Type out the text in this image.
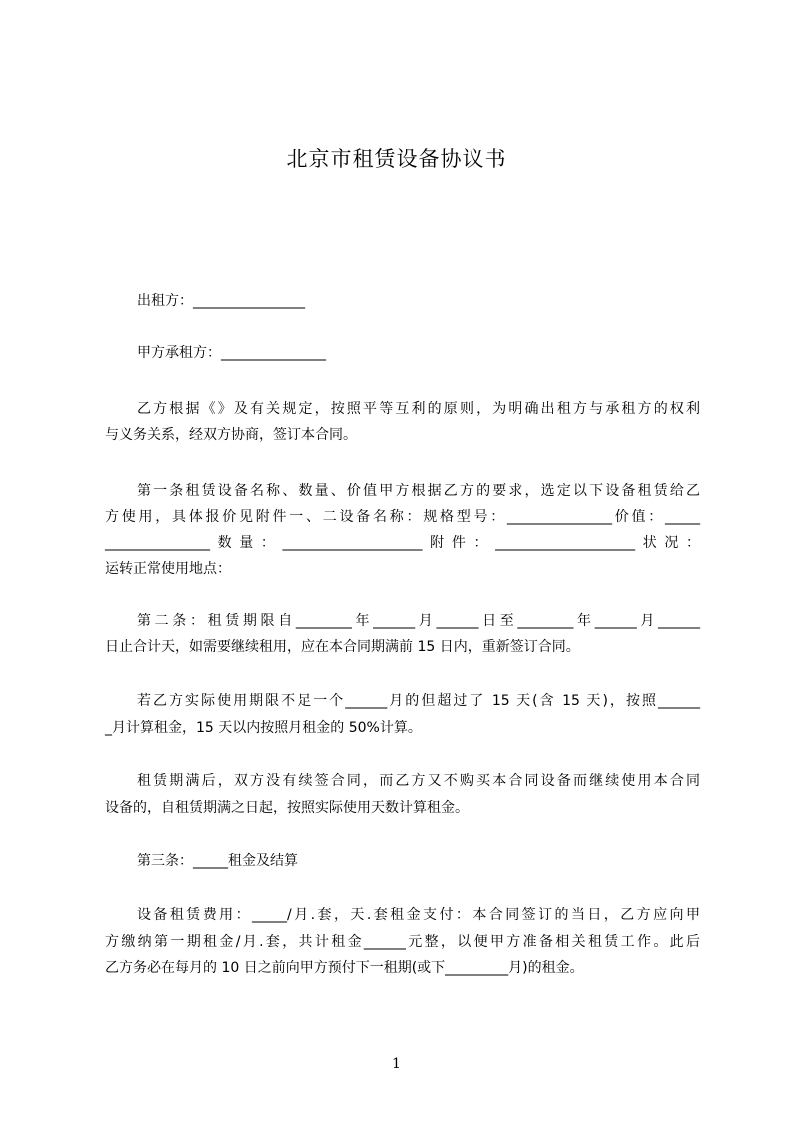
北京市租赁设备协议书
出租方：________________
甲方承租方：_______________
乙方根据《》及有关规定，按照平等互利的原则，为明确出租方与承租方的权利
与义务关系，经双方协商，签订本合同。
第一条租赁设备名称、数量、价值甲方根据乙方的要求，选定以下设备租赁给乙
方使用，具体报价见附件一、二设备名称：规格型号：_______________价值：_____
_______________数量：____________________附件：____________________状况：
运转正常使用地点：
第二条：租赁期限自________年______月______日至________年______月______
日止合计天，如需要继续租用，应在本合同期满前 15 日内，重新签订合同。
若乙方实际使用期限不足一个______月的但超过了 15 天(含 15 天)，按照______
_月计算租金，15 天以内按照月租金的 50%计算。
租赁期满后，双方没有续签合同，而乙方又不购买本合同设备而继续使用本合同
设备的，自租赁期满之日起，按照实际使用天数计算租金。
第三条：_____租金及结算
设备租赁费用：_____/月.套，天.套租金支付：本合同签订的当日，乙方应向甲
方缴纳第一期租金/月.套，共计租金______元整，以便甲方准备相关租赁工作。此后
乙方务必在每月的 10 日之前向甲方预付下一租期(或下_________月)的租金。
1
